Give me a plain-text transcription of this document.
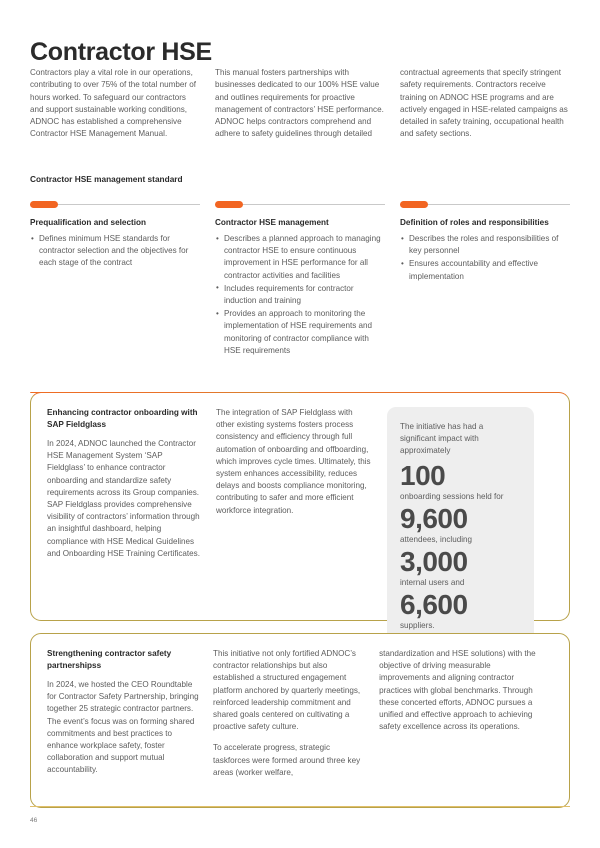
Contractor HSE
Contractors play a vital role in our operations, contributing to over 75% of the total number of hours worked. To safeguard our contractors and support sustainable working conditions, ADNOC has established a comprehensive Contractor HSE Management Manual.
This manual fosters partnerships with businesses dedicated to our 100% HSE value and outlines requirements for proactive management of contractors’ HSE performance. ADNOC helps contractors comprehend and adhere to safety guidelines through detailed
contractual agreements that specify stringent safety requirements. Contractors receive training on ADNOC HSE programs and are actively engaged in HSE-related campaigns as detailed in safety training, occupational health and safety sections.
Contractor HSE management standard
Prequalification and selection
• Defines minimum HSE standards for contractor selection and the objectives for each stage of the contract
Contractor HSE management
• Describes a planned approach to managing contractor HSE to ensure continuous improvement in HSE performance for all contractor activities and facilities
• Includes requirements for contractor induction and training
• Provides an approach to monitoring the implementation of HSE requirements and monitoring of contractor compliance with HSE requirements
Definition of roles and responsibilities
• Describes the roles and responsibilities of key personnel
• Ensures accountability and effective implementation
Enhancing contractor onboarding with SAP Fieldglass

In 2024, ADNOC launched the Contractor HSE Management System ‘SAP Fieldglass’ to enhance contractor onboarding and standardize safety requirements across its Group companies. SAP Fieldglass provides comprehensive visibility of contractors’ information through an insightful dashboard, helping compliance with HSE Medical Guidelines and Onboarding HSE Training Certificates.

The integration of SAP Fieldglass with other existing systems fosters process consistency and efficiency through full automation of onboarding and offboarding, which improves cycle times. Ultimately, this system enhances accessibility, reduces delays and boosts compliance monitoring, contributing to safer and more efficient workforce integration.

The initiative has had a significant impact with approximately
100
onboarding sessions held for
9,600
attendees, including
3,000
internal users and
6,600
suppliers.
Strengthening contractor safety partnershipss

In 2024, we hosted the CEO Roundtable for Contractor Safety Partnership, bringing together 25 strategic contractor partners. The event’s focus was on forming shared commitments and best practices to enhance workplace safety, foster collaboration and support mutual accountability.

This initiative not only fortified ADNOC’s contractor relationships but also established a structured engagement platform anchored by quarterly meetings, reinforced leadership commitment and shared goals centered on cultivating a proactive safety culture.

To accelerate progress, strategic taskforces were formed around three key areas (worker welfare,

standardization and HSE solutions) with the objective of driving measurable improvements and aligning contractor practices with global benchmarks. Through these concerted efforts, ADNOC pursues a unified and effective approach to achieving safety excellence across its operations.

46
